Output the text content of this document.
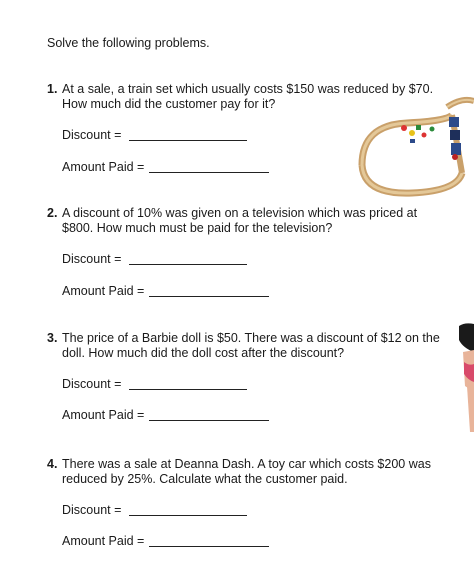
Solve the following problems.

1. At a sale, a train set which usually costs $150 was reduced by $70. How much did the customer pay for it?

Discount =
Amount Paid =
2. A discount of 10% was given on a television which was priced at $800. How much must be paid for the television?

Discount =
Amount Paid =
3. The price of a Barbie doll is $50. There was a discount of $12 on the doll. How much did the doll cost after the discount?

Discount =
Amount Paid =
4. There was a sale at Deanna Dash. A toy car which costs $200 was reduced by 25%. Calculate what the customer paid.

Discount =
Amount Paid =
